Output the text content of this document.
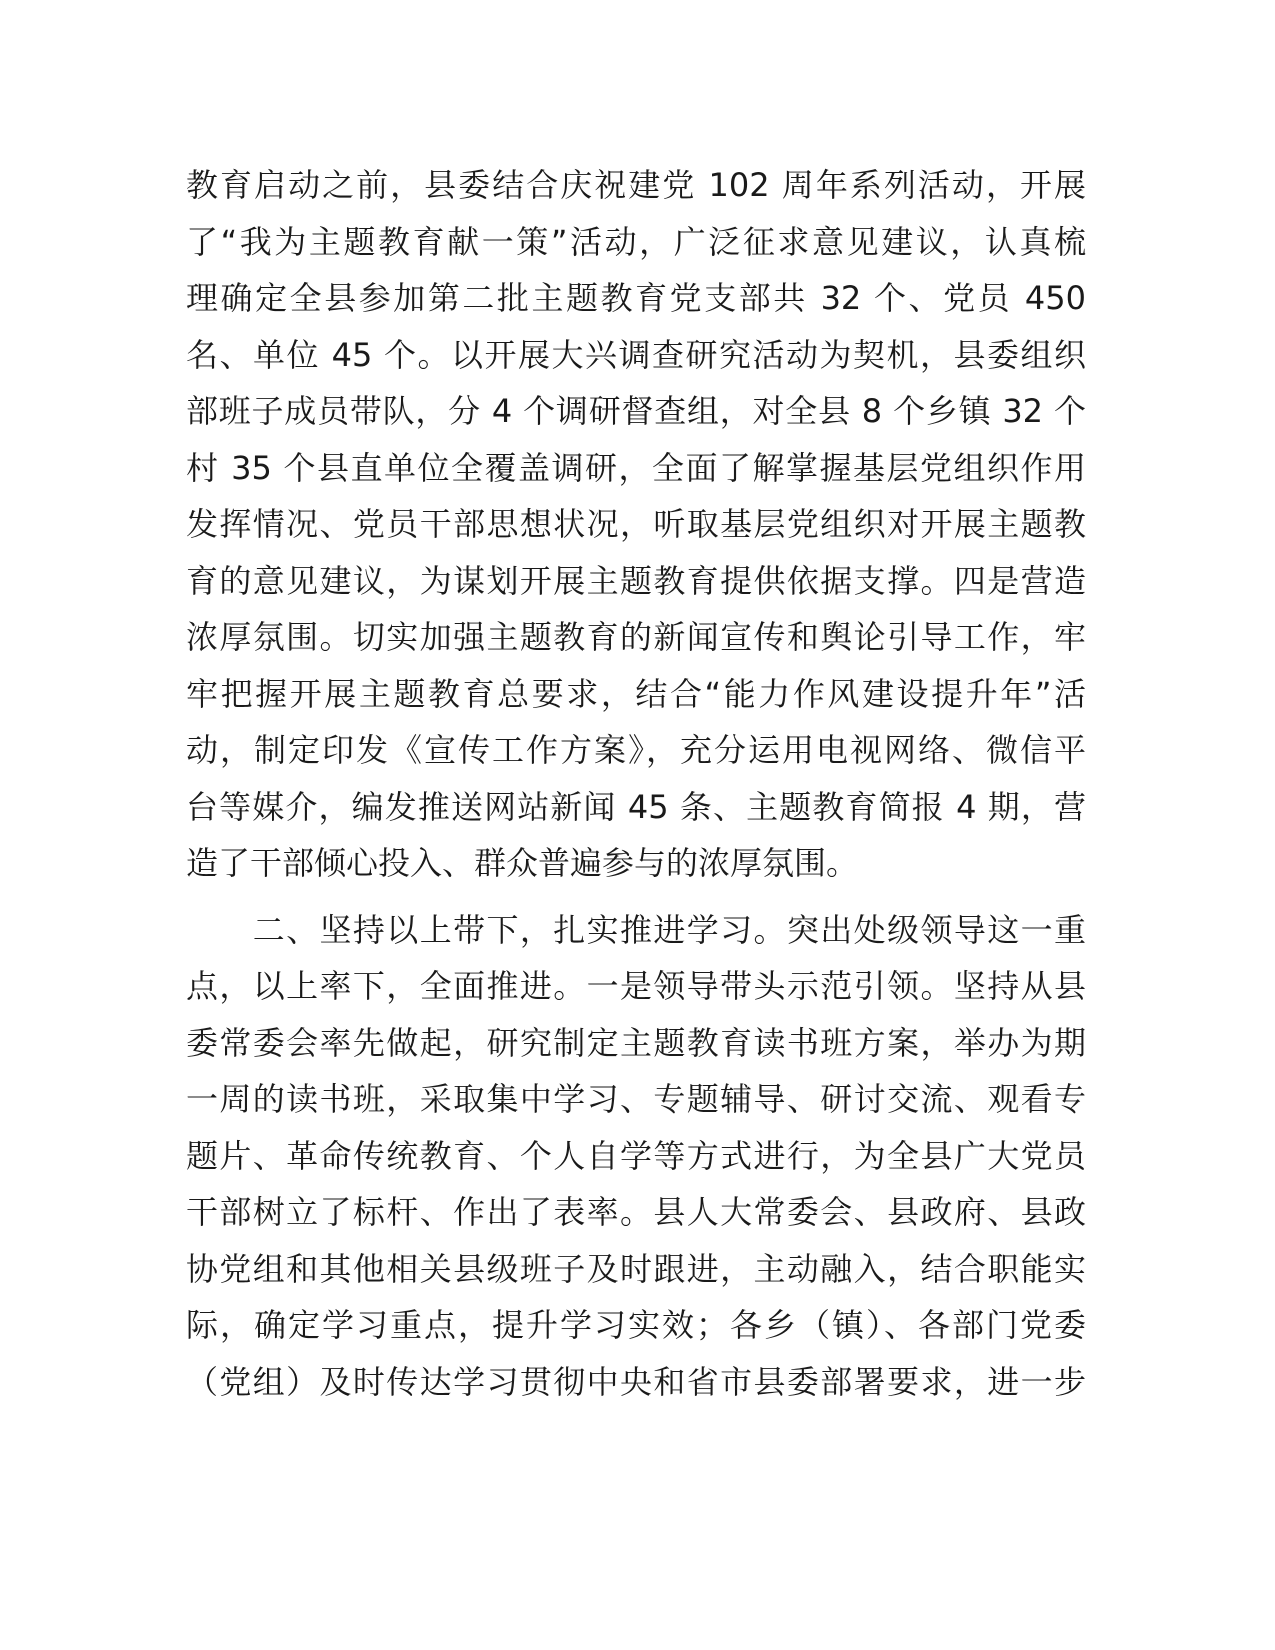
教育启动之前，县委结合庆祝建党 102 周年系列活动，开展
了“我为主题教育献一策”活动，广泛征求意见建议，认真梳
理确定全县参加第二批主题教育党支部共 32 个、党员 450
名、单位 45 个。以开展大兴调查研究活动为契机，县委组织
部班子成员带队，分 4 个调研督查组，对全县 8 个乡镇 32 个
村 35 个县直单位全覆盖调研，全面了解掌握基层党组织作用
发挥情况、党员干部思想状况，听取基层党组织对开展主题教
育的意见建议，为谋划开展主题教育提供依据支撑。四是营造
浓厚氛围。切实加强主题教育的新闻宣传和舆论引导工作，牢
牢把握开展主题教育总要求，结合“能力作风建设提升年”活
动，制定印发《宣传工作方案》，充分运用电视网络、微信平
台等媒介，编发推送网站新闻 45 条、主题教育简报 4 期，营
造了干部倾心投入、群众普遍参与的浓厚氛围。
　　二、坚持以上带下，扎实推进学习。突出处级领导这一重
点，以上率下，全面推进。一是领导带头示范引领。坚持从县
委常委会率先做起，研究制定主题教育读书班方案，举办为期
一周的读书班，采取集中学习、专题辅导、研讨交流、观看专
题片、革命传统教育、个人自学等方式进行，为全县广大党员
干部树立了标杆、作出了表率。县人大常委会、县政府、县政
协党组和其他相关县级班子及时跟进，主动融入，结合职能实
际，确定学习重点，提升学习实效；各乡（镇）、各部门党委
（党组）及时传达学习贯彻中央和省市县委部署要求，进一步
